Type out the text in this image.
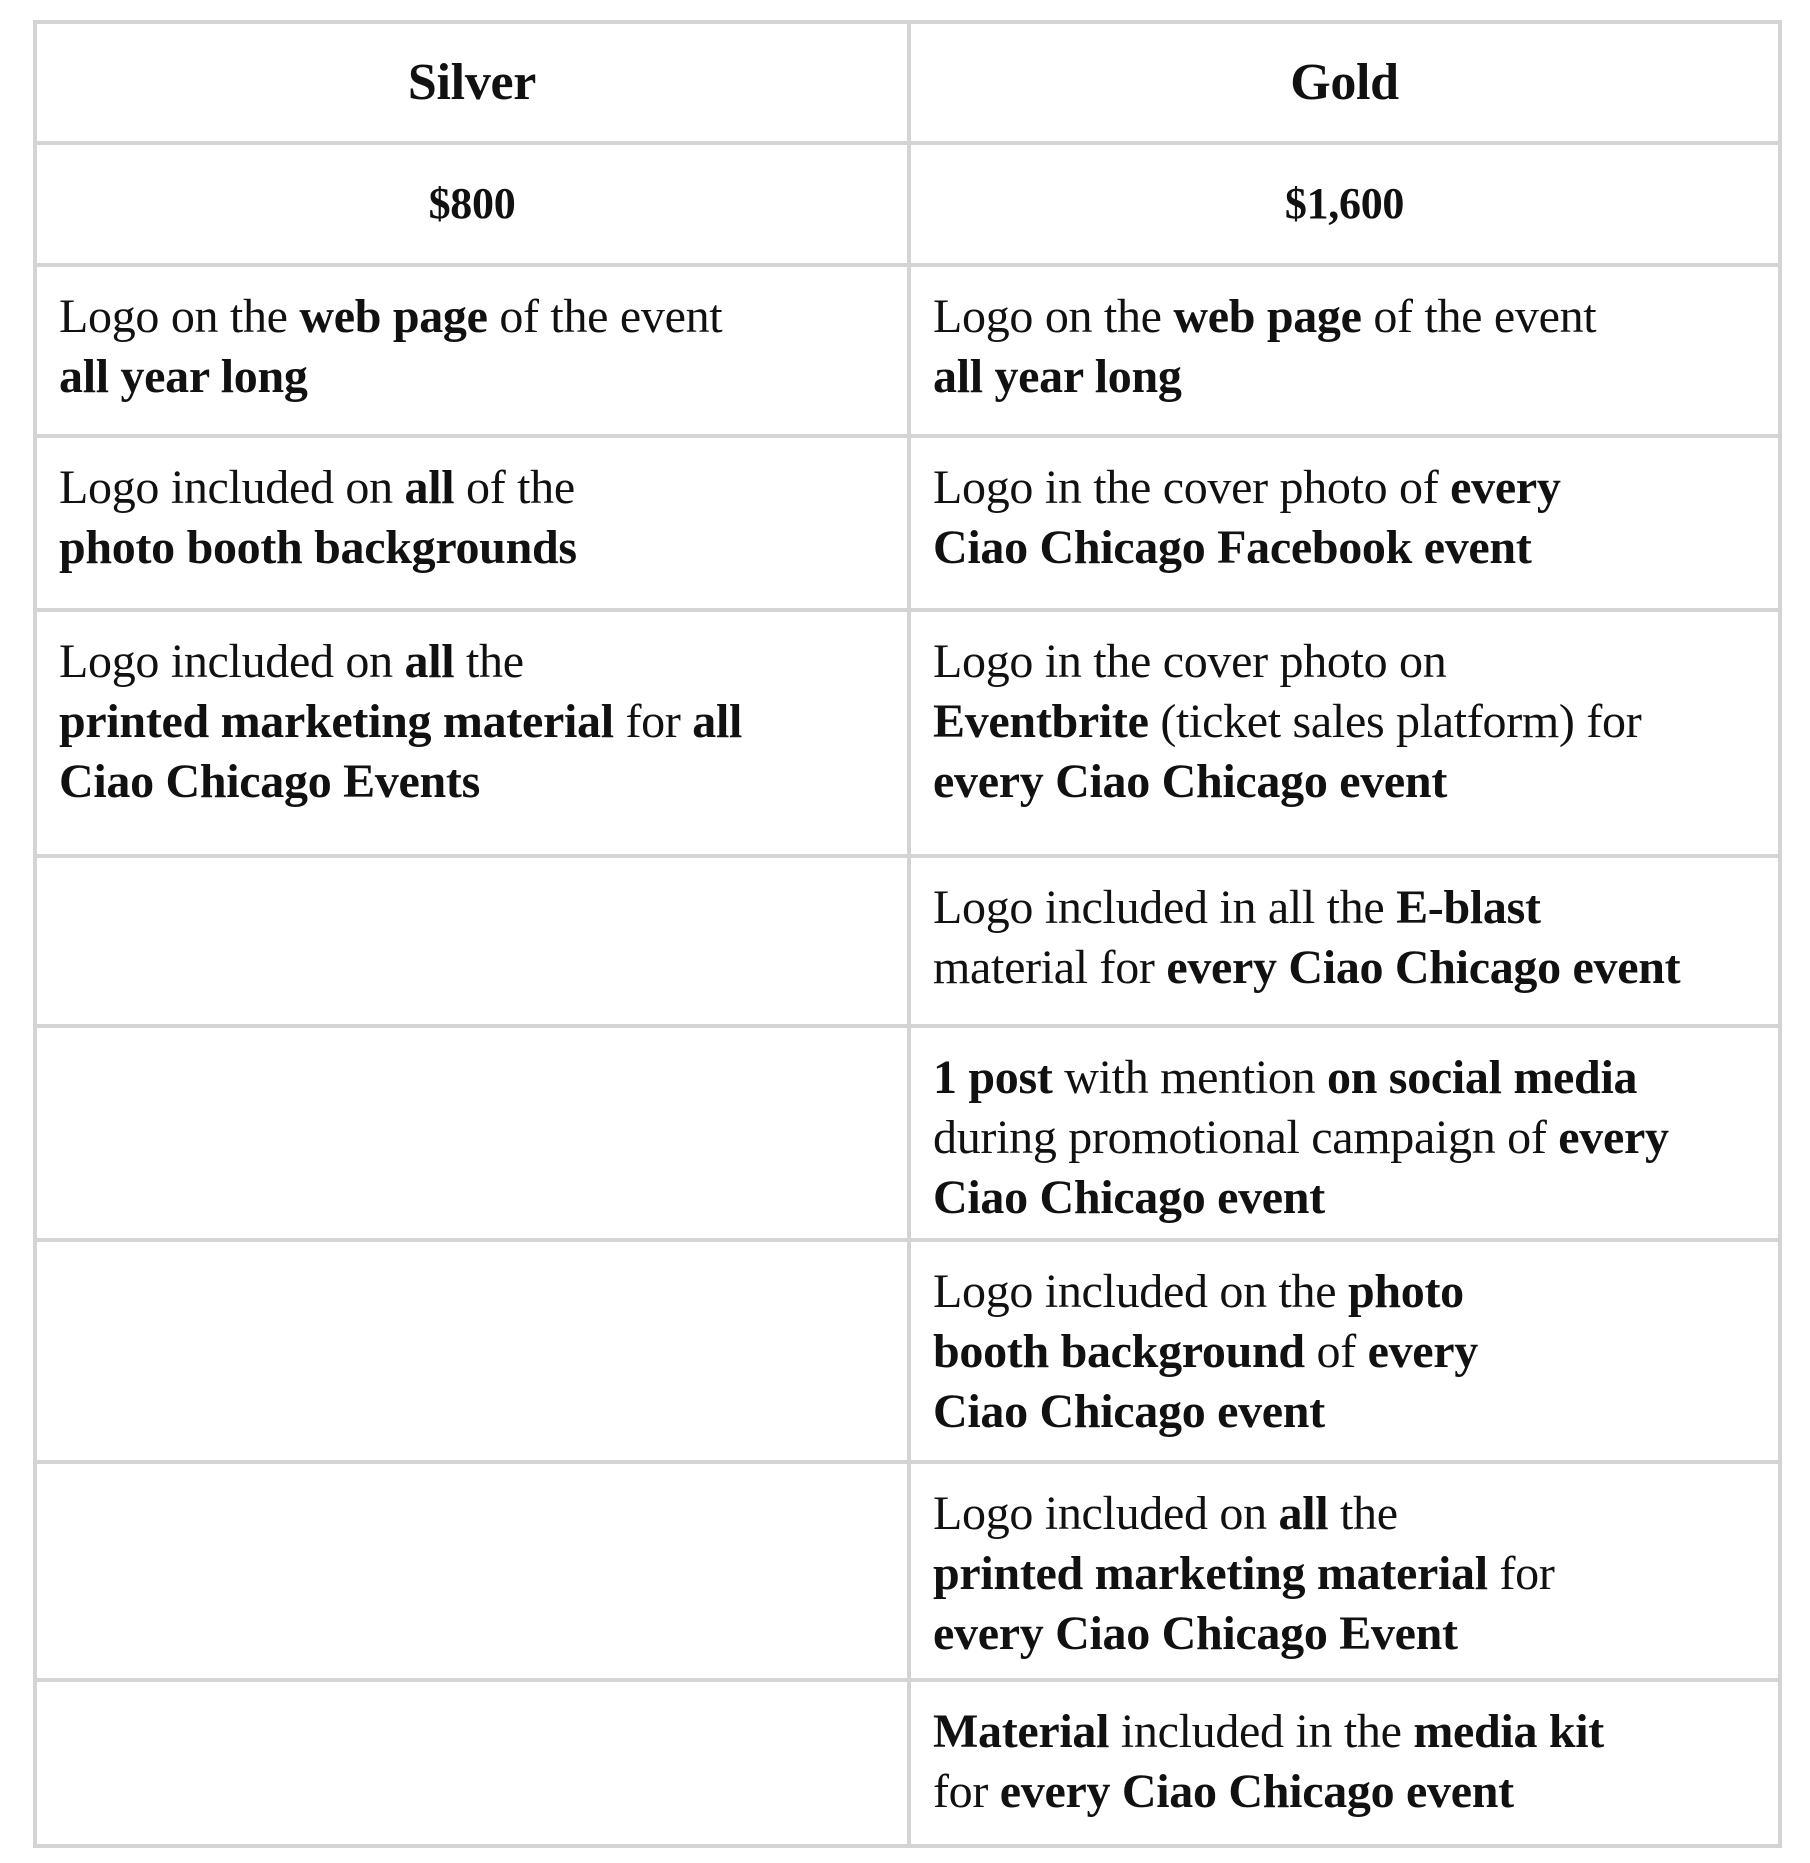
Silver	Gold
$800	$1,600

Logo on the web page of the event
all year long	Logo on the web page of the event
all year long

Logo included on all of the
photo booth backgrounds	Logo in the cover photo of every
Ciao Chicago Facebook event

Logo included on all the
printed marketing material for all
Ciao Chicago Events	Logo in the cover photo on
Eventbrite (ticket sales platform) for
every Ciao Chicago event

	Logo included in all the E-blast
material for every Ciao Chicago event

	1 post with mention on social media
during promotional campaign of every
Ciao Chicago event

	Logo included on the photo
booth background of every
Ciao Chicago event

	Logo included on all the
printed marketing material for
every Ciao Chicago Event

	Material included in the media kit
for every Ciao Chicago event
